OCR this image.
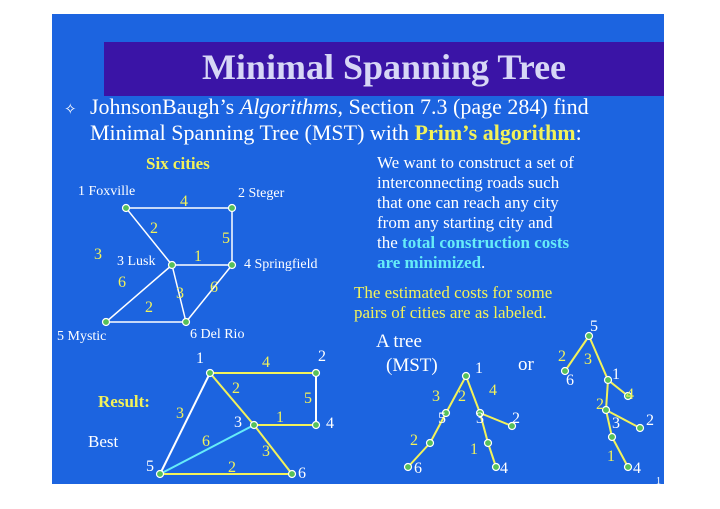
Minimal Spanning Tree
✧ JohnsonBaugh’s Algorithms, Section 7.3 (page 284) find
Minimal Spanning Tree (MST) with Prim’s algorithm:
Six cities	We want to construct a set of
interconnecting roads such
that one can reach any city
from any starting city and
the total construction costs
are minimized.
The estimated costs for some
pairs of cities are as labeled.
1 Foxville	2 Steger
3 Lusk	4 Springfield
5 Mystic	6 Del Rio
4
2
5
1
3
6
3 6
2
Result:
Best
1	2
3	4
5	6
4
2
5
1
3
6
3
2
A tree
(MST)	or
1
5 3 2
6	4
3 2 4
2
1
5
6 1
3 2
4
2 3
4
2
1
1
